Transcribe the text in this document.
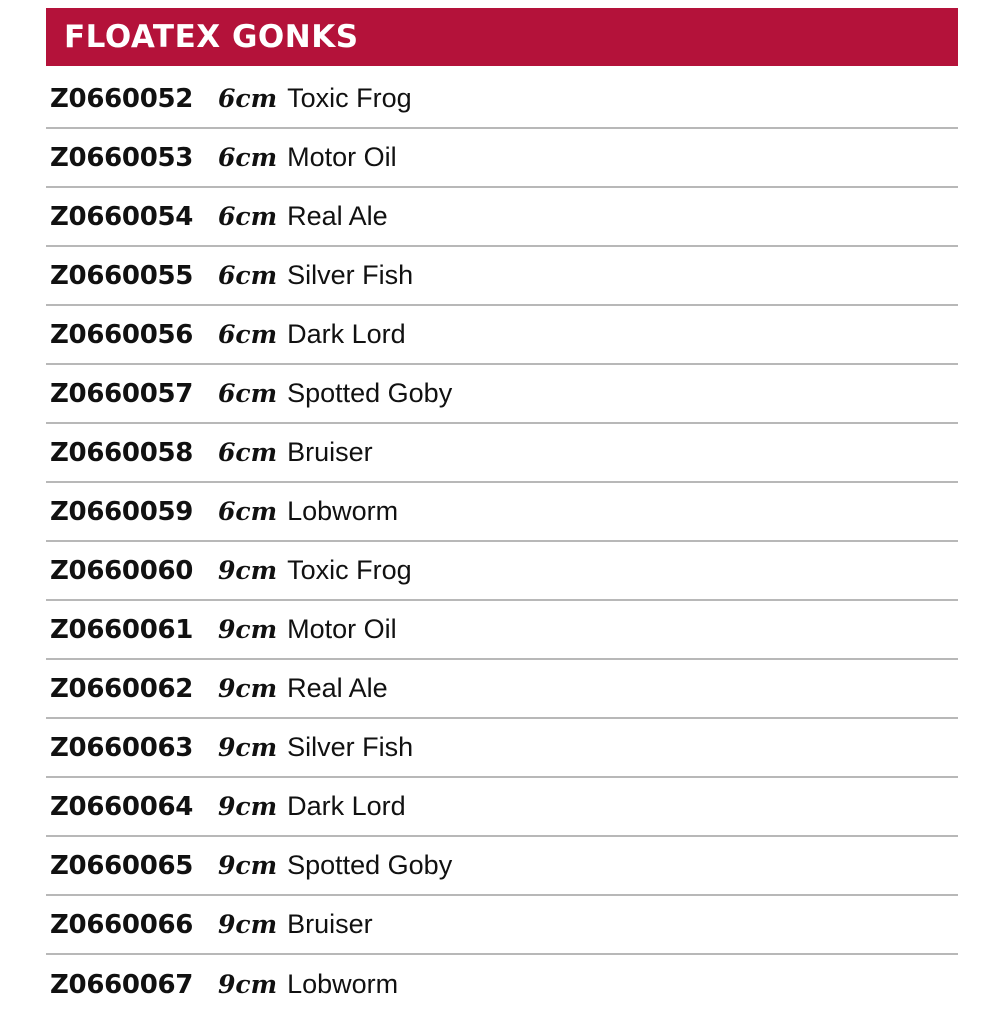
FLOATEX GONKS
Z0660052 6cm Toxic Frog
Z0660053 6cm Motor Oil
Z0660054 6cm Real Ale
Z0660055 6cm Silver Fish
Z0660056 6cm Dark Lord
Z0660057 6cm Spotted Goby
Z0660058 6cm Bruiser
Z0660059 6cm Lobworm
Z0660060 9cm Toxic Frog
Z0660061 9cm Motor Oil
Z0660062 9cm Real Ale
Z0660063 9cm Silver Fish
Z0660064 9cm Dark Lord
Z0660065 9cm Spotted Goby
Z0660066 9cm Bruiser
Z0660067 9cm Lobworm
